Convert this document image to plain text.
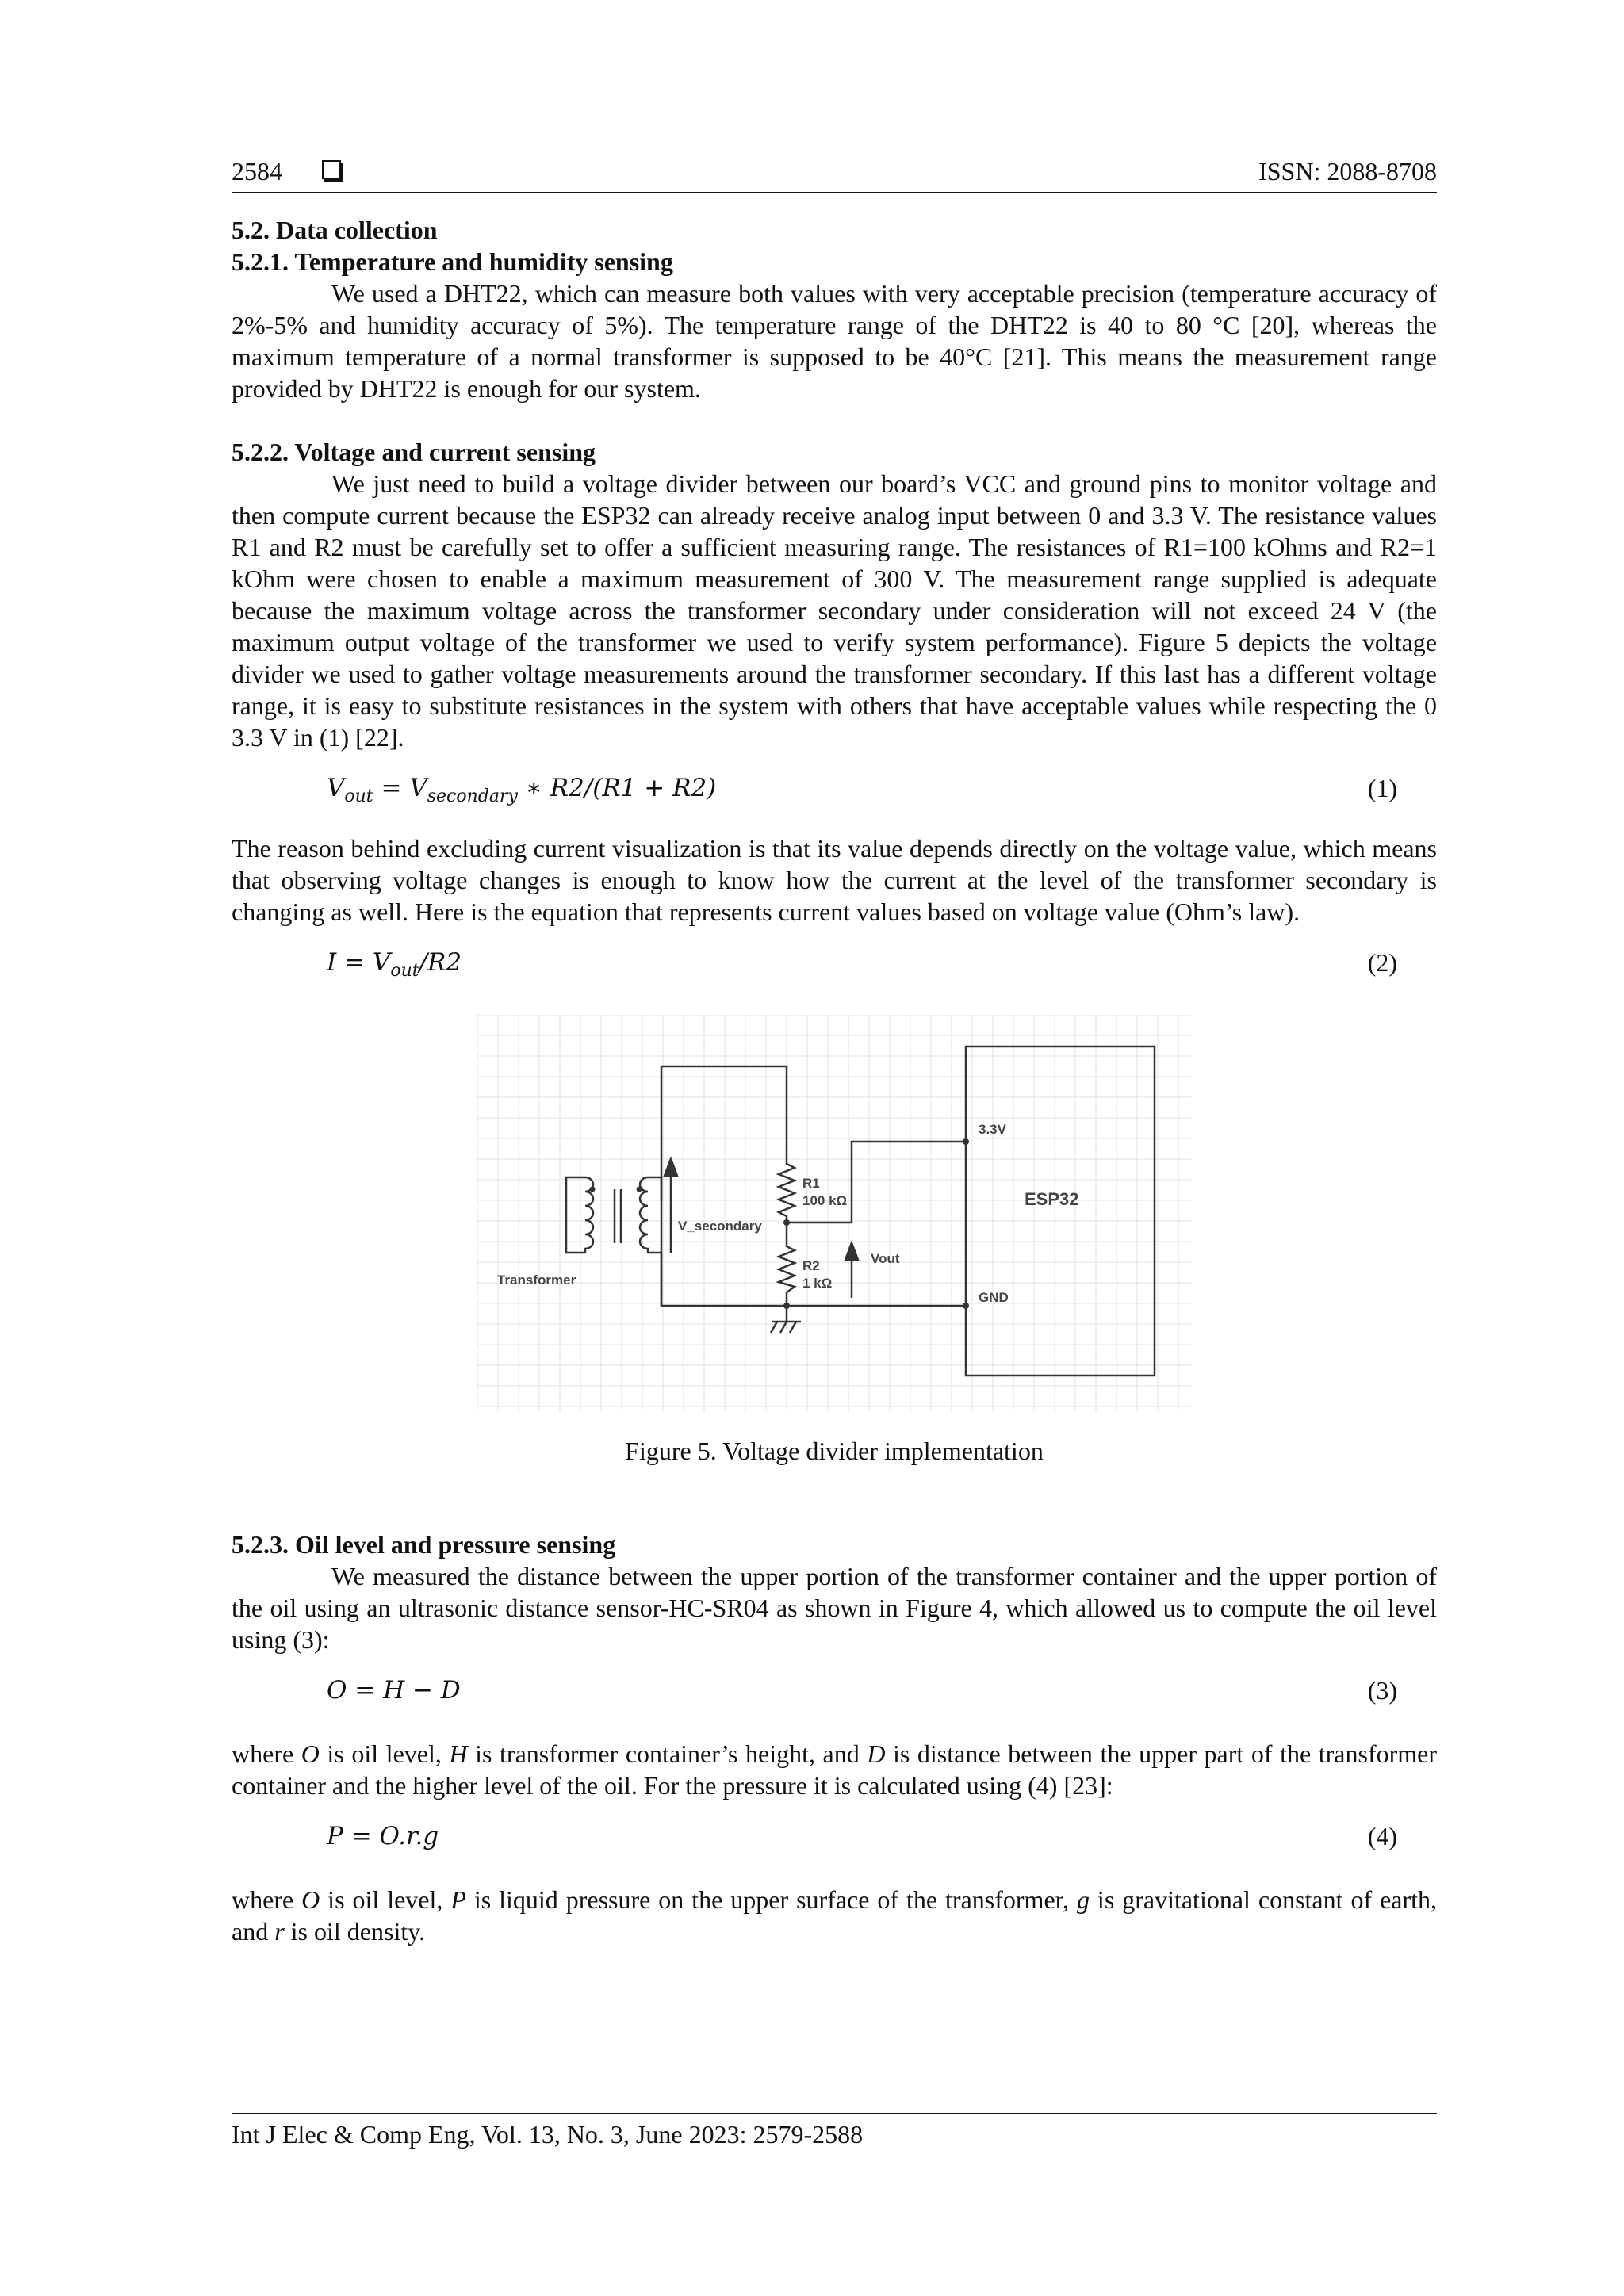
2584	ISSN: 2088-8708

5.2. Data collection

5.2.1. Temperature and humidity sensing

We used a DHT22, which can measure both values with very acceptable precision (temperature accuracy of 2%-5% and humidity accuracy of 5%). The temperature range of the DHT22 is 40 to 80 °C [20], whereas the maximum temperature of a normal transformer is supposed to be 40°C [21]. This means the measurement range provided by DHT22 is enough for our system.

5.2.2. Voltage and current sensing

We just need to build a voltage divider between our board’s VCC and ground pins to monitor voltage and then compute current because the ESP32 can already receive analog input between 0 and 3.3 V. The resistance values R1 and R2 must be carefully set to offer a sufficient measuring range. The resistances of R1=100 kOhms and R2=1 kOhm were chosen to enable a maximum measurement of 300 V. The measurement range supplied is adequate because the maximum voltage across the transformer secondary under consideration will not exceed 24 V (the maximum output voltage of the transformer we used to verify system performance). Figure 5 depicts the voltage divider we used to gather voltage measurements around the transformer secondary. If this last has a different voltage range, it is easy to substitute resistances in the system with others that have acceptable values while respecting the 0 3.3 V in (1) [22].

$V_{out} = V_{secondary}$ ∗ R2/(R1 + R2)	(1)

The reason behind excluding current visualization is that its value depends directly on the voltage value, which means that observing voltage changes is enough to know how the current at the level of the transformer secondary is changing as well. Here is the equation that represents current values based on voltage value (Ohm’s law).

$I = V_{out}/R2$	(2)
Transformer
V_secondary
R1
100 kΩ
R2
1 kΩ
Vout
3.3V
GND
ESP32

Figure 5. Voltage divider implementation

5.2.3. Oil level and pressure sensing

We measured the distance between the upper portion of the transformer container and the upper portion of the oil using an ultrasonic distance sensor-HC-SR04 as shown in Figure 4, which allowed us to compute the oil level using (3):

O = H − D	(3)

where O is oil level, H is transformer container’s height, and D is distance between the upper part of the transformer container and the higher level of the oil. For the pressure it is calculated using (4) [23]:

P = O.r.g	(4)

where O is oil level, P is liquid pressure on the upper surface of the transformer, g is gravitational constant of earth, and r is oil density.

Int J Elec & Comp Eng, Vol. 13, No. 3, June 2023: 2579-2588
